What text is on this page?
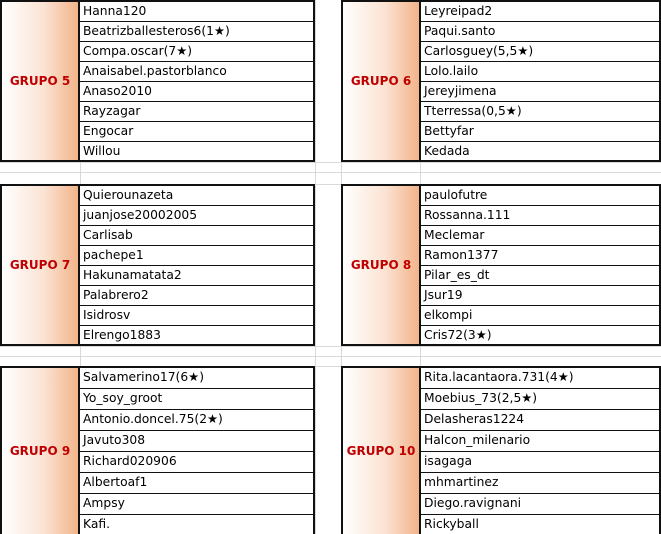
GRUPO 5
Hanna120
Beatrizballesteros6(1★)
Compa.oscar(7★)
Anaisabel.pastorblanco
Anaso2010
Rayzagar
Engocar
Willou
GRUPO 6
Leyreipad2
Paqui.santo
Carlosguey(5,5★)
Lolo.lailo
Jereyjimena
Tterressa(0,5★)
Bettyfar
Kedada
GRUPO 7
Quierounazeta
juanjose20002005
Carlisab
pachepe1
Hakunamatata2
Palabrero2
Isidrosv
Elrengo1883
GRUPO 8
paulofutre
Rossanna.111
Meclemar
Ramon1377
Pilar_es_dt
Jsur19
elkompi
Cris72(3★)
GRUPO 9
Salvamerino17(6★)
Yo_soy_groot
Antonio.doncel.75(2★)
Javuto308
Richard020906
Albertoaf1
Ampsy
Kafi.
GRUPO 10
Rita.lacantaora.731(4★)
Moebius_73(2,5★)
Delasheras1224
Halcon_milenario
isagaga
mhmartinez
Diego.ravignani
Rickyball
